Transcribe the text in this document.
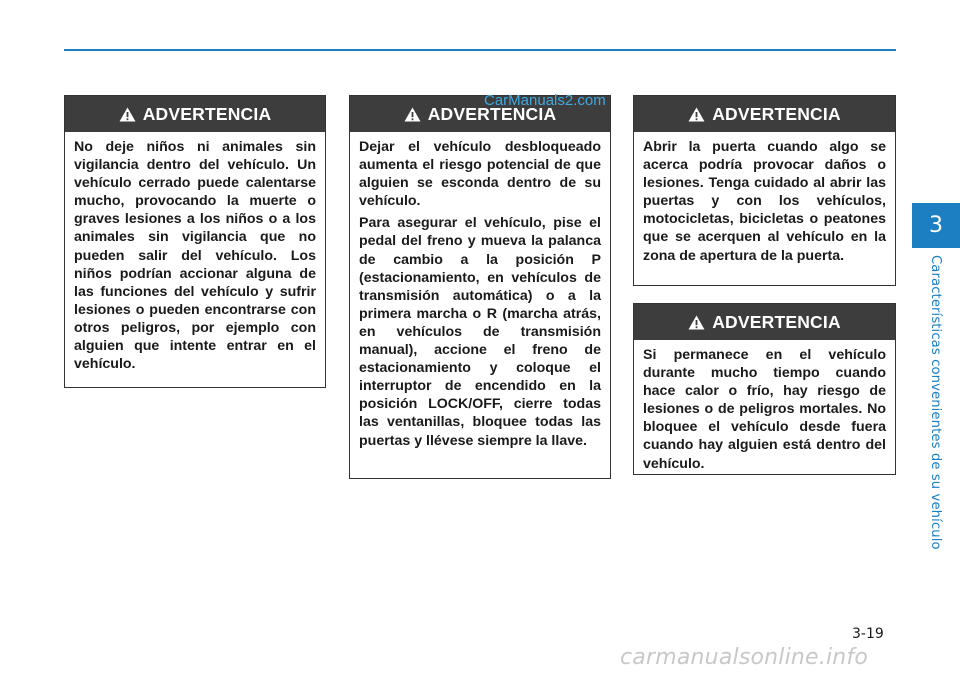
CarManuals2.com
ADVERTENCIA

No deje niños ni animales sin vigilancia dentro del vehículo. Un vehículo cerrado puede calentarse mucho, provocando la muerte o graves lesiones a los niños o a los animales sin vigilancia que no pueden salir del vehículo. Los niños podrían accionar alguna de las funciones del vehículo y sufrir lesiones o pueden encontrarse con otros peligros, por ejemplo con alguien que intente entrar en el vehículo.

ADVERTENCIA

Dejar el vehículo desbloqueado aumenta el riesgo potencial de que alguien se esconda dentro de su vehículo.

Para asegurar el vehículo, pise el pedal del freno y mueva la palanca de cambio a la posición P (estacionamiento, en vehículos de transmisión automática) o a la primera marcha o R (marcha atrás, en vehículos de transmisión manual), accione el freno de estacionamiento y coloque el interruptor de encendido en la posición LOCK/OFF, cierre todas las ventanillas, bloquee todas las puertas y llévese siempre la llave.

ADVERTENCIA

Abrir la puerta cuando algo se acerca podría provocar daños o lesiones. Tenga cuidado al abrir las puertas y con los vehículos, motocicletas, bicicletas o peatones que se acerquen al vehículo en la zona de apertura de la puerta.

ADVERTENCIA

Si permanece en el vehículo durante mucho tiempo cuando hace calor o frío, hay riesgo de lesiones o de peligros mortales. No bloquee el vehículo desde fuera cuando hay alguien está dentro del vehículo.

3
Características convenientes de su vehículo
3-19
carmanualsonline.info
